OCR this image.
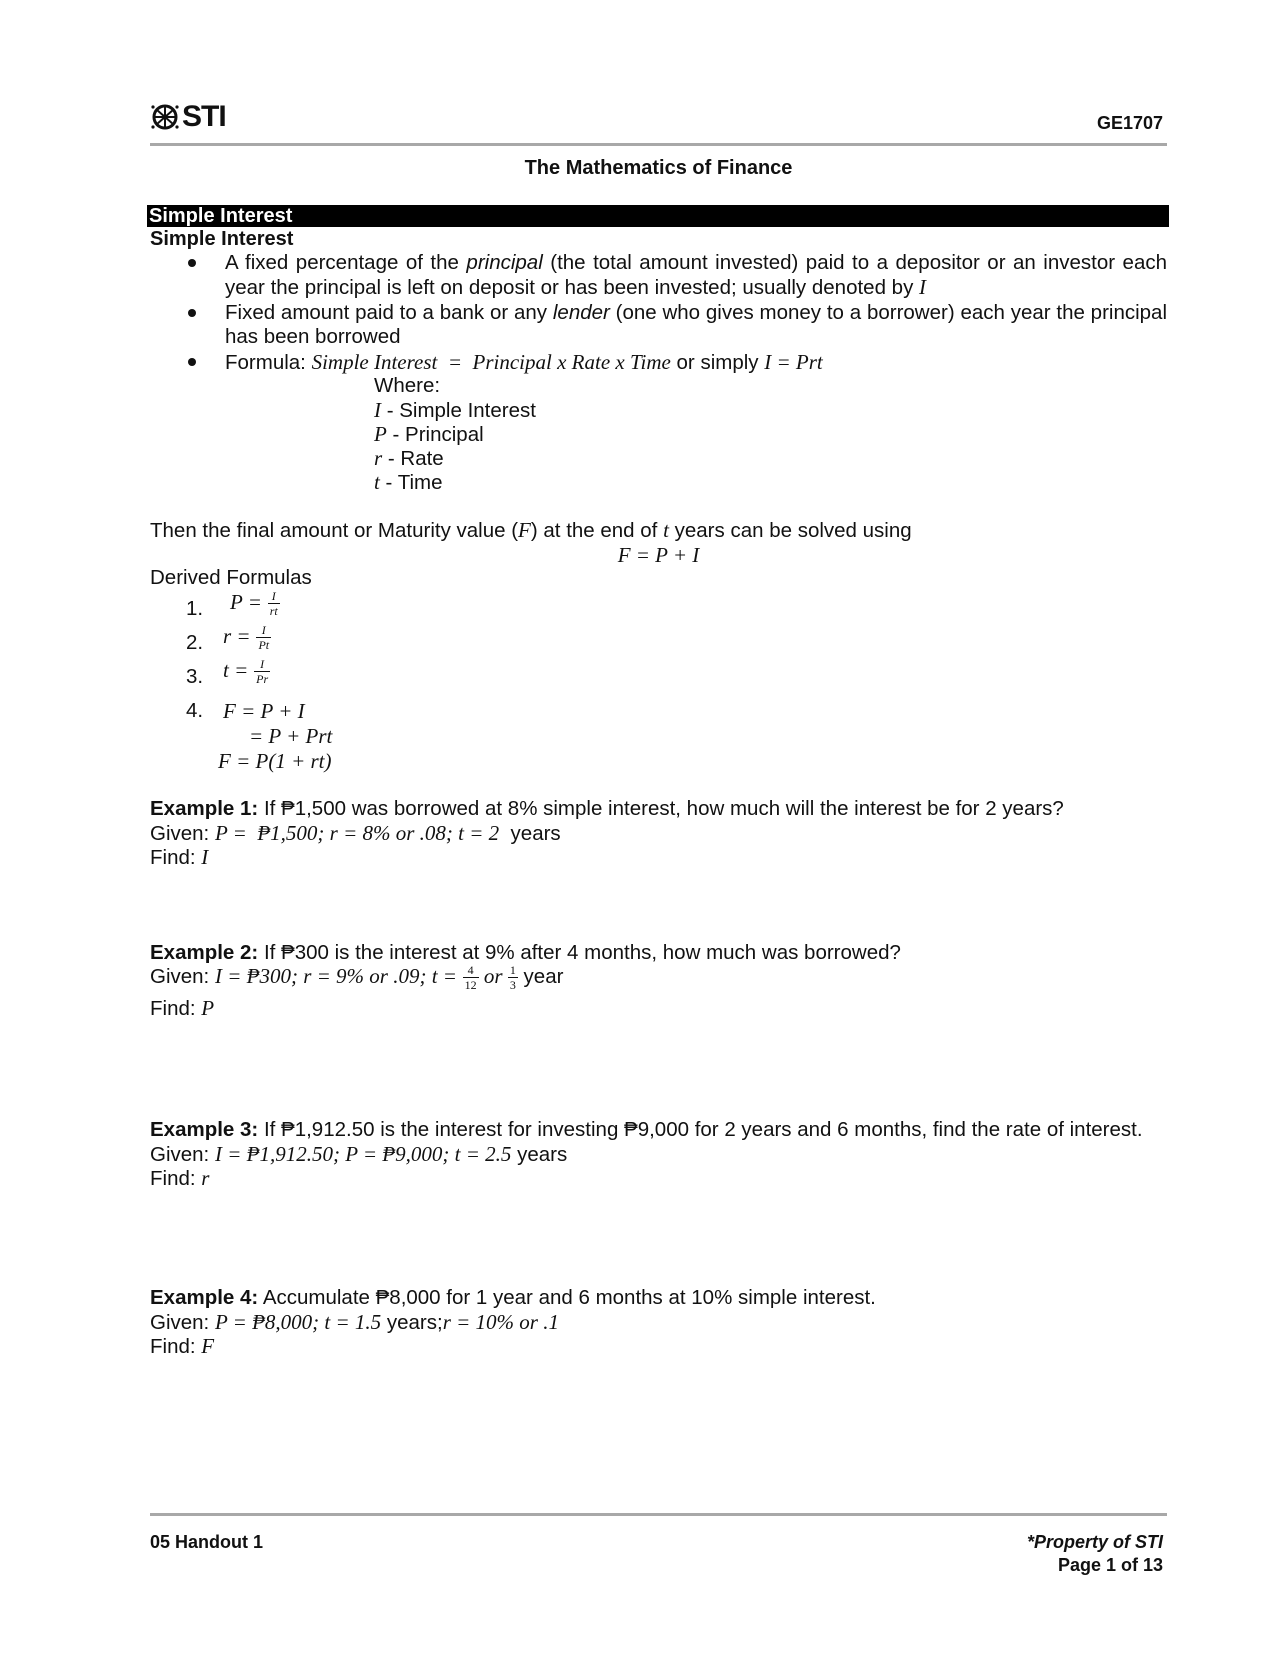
STI	GE1707
The Mathematics of Finance
Simple Interest
Simple Interest
A fixed percentage of the principal (the total amount invested) paid to a depositor or an investor each
year the principal is left on deposit or has been invested; usually denoted by I
Fixed amount paid to a bank or any lender (one who gives money to a borrower) each year the principal
has been borrowed
Formula: Simple Interest  =  Principal x Rate x Time or simply I = Prt
Where:
I - Simple Interest
P - Principal
r - Rate
t - Time
Then the final amount or Maturity value (F) at the end of t years can be solved using
F = P + I
Derived Formulas
1. $P = \frac{I}{rt}$
2. $r = \frac{I}{Pt}$
3. $t = \frac{I}{Pr}$
4. F = P + I
= P + Prt
F = P(1 + rt)
Example 1: If ₱1,500 was borrowed at 8% simple interest, how much will the interest be for 2 years?
Given: P =  ₱1,500; r = 8% or .08; t = 2  years
Find: I
Example 2: If ₱300 is the interest at 9% after 4 months, how much was borrowed?
Given: I = ₱300; r = 9% or .09; $t = \frac{4}{12}$ or $\frac{1}{3}$ year
Find: P
Example 3: If ₱1,912.50 is the interest for investing ₱9,000 for 2 years and 6 months, find the rate of interest.
Given: I = ₱1,912.50; P = ₱9,000; t = 2.5 years
Find: r
Example 4: Accumulate ₱8,000 for 1 year and 6 months at 10% simple interest.
Given: P = ₱8,000; t = 1.5 years;r = 10% or .1
Find: F
05 Handout 1	*Property of STI
Page 1 of 13
